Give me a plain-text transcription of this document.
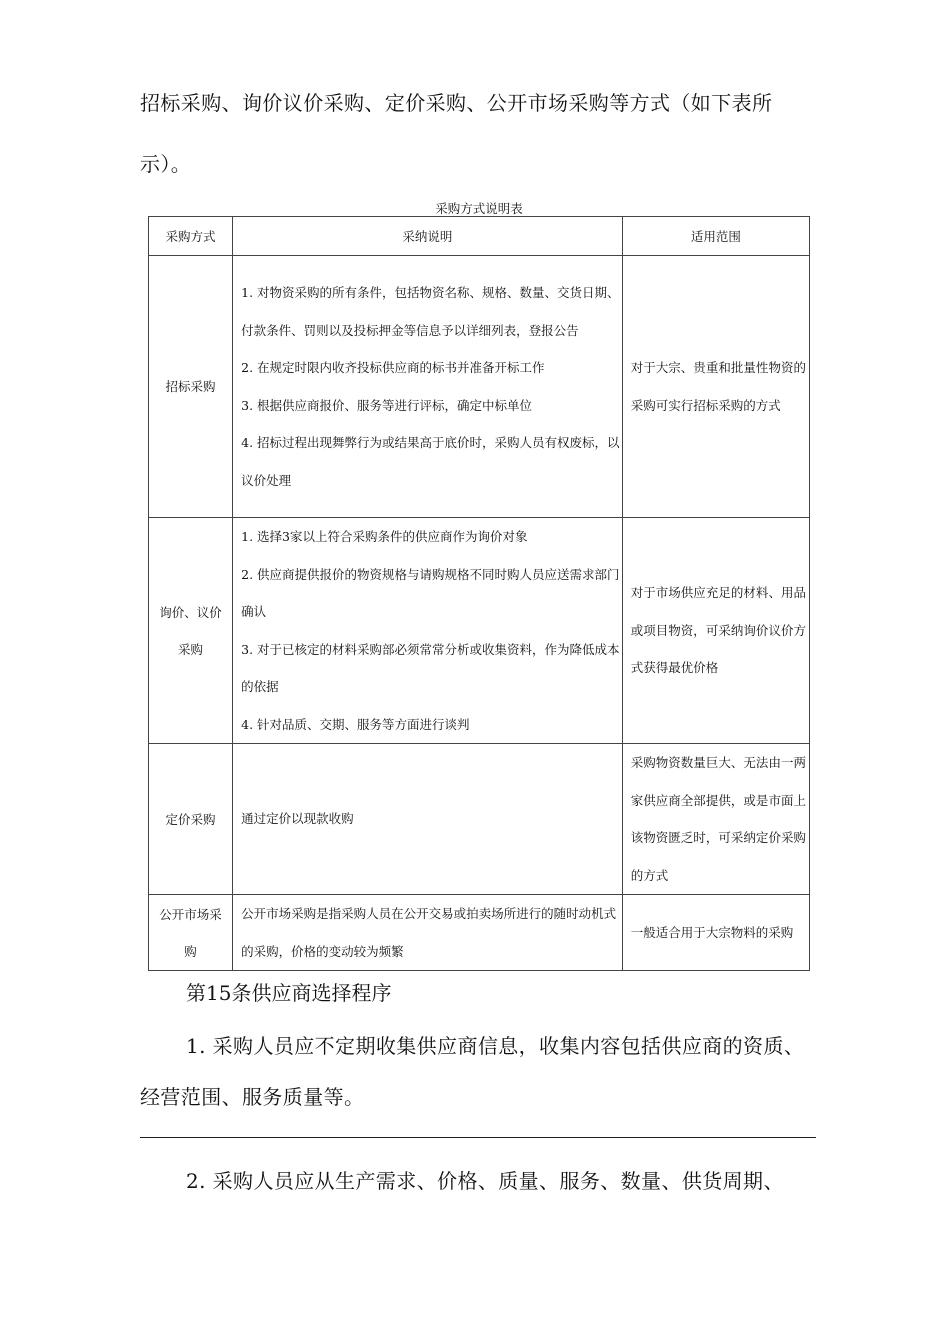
招标采购、询价议价采购、定价采购、公开市场采购等方式（如下表所示）。
采购方式说明表
采购方式	采纳说明	适用范围
招标采购	1. 对物资采购的所有条件，包括物资名称、规格、数量、交货日期、付款条件、罚则以及投标押金等信息予以详细列表，登报公告

2. 在规定时限内收齐投标供应商的标书并准备开标工作

3. 根据供应商报价、服务等进行评标，确定中标单位

4. 招标过程出现舞弊行为或结果高于底价时，采购人员有权废标，以议价处理	对于大宗、贵重和批量性物资的采购可实行招标采购的方式
询价、议价采购	1. 选择3家以上符合采购条件的供应商作为询价对象

2. 供应商提供报价的物资规格与请购规格不同时购人员应送需求部门确认

3. 对于已核定的材料采购部必须常常分析或收集资料，作为降低成本的依据

4. 针对品质、交期、服务等方面进行谈判	对于市场供应充足的材料、用品或项目物资，可采纳询价议价方式获得最优价格
定价采购	通过定价以现款收购	采购物资数量巨大、无法由一两家供应商全部提供，或是市面上该物资匮乏时，可采纳定价采购的方式
公开市场采购	公开市场采购是指采购人员在公开交易或拍卖场所进行的随时动机式的采购，价格的变动较为频繁	一般适合用于大宗物料的采购
第15条供应商选择程序
1. 采购人员应不定期收集供应商信息，收集内容包括供应商的资质、经营范围、服务质量等。
2. 采购人员应从生产需求、价格、质量、服务、数量、供货周期、
